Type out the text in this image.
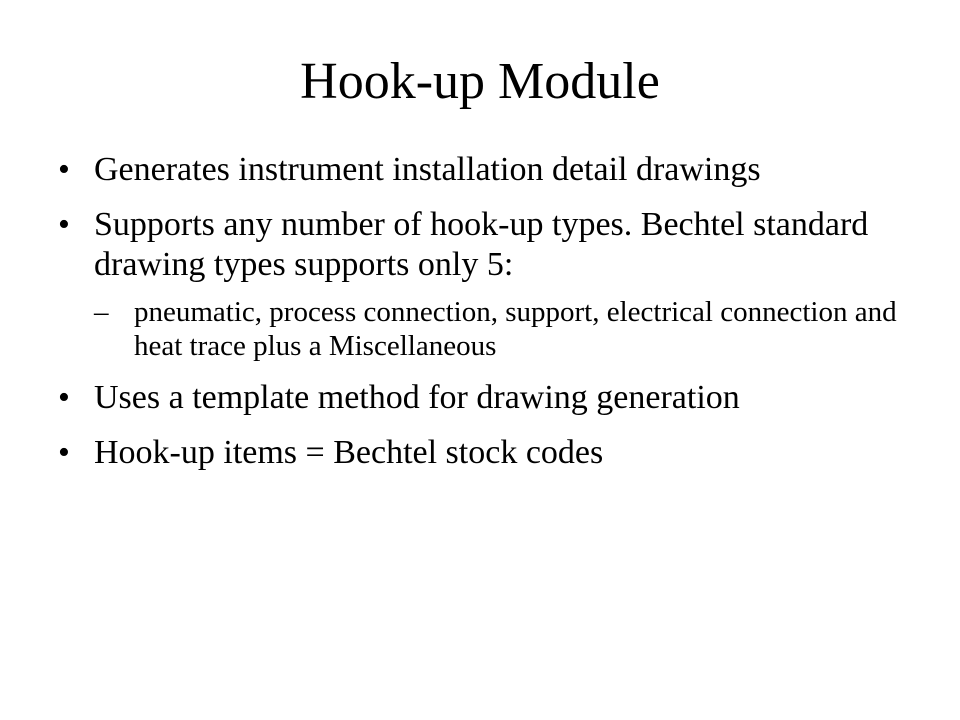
Hook-up Module
• Generates instrument installation detail drawings
• Supports any number of hook-up types. Bechtel standard drawing types supports only 5:
– pneumatic, process connection, support, electrical connection and heat trace plus a Miscellaneous
• Uses a template method for drawing generation
• Hook-up items = Bechtel stock codes
